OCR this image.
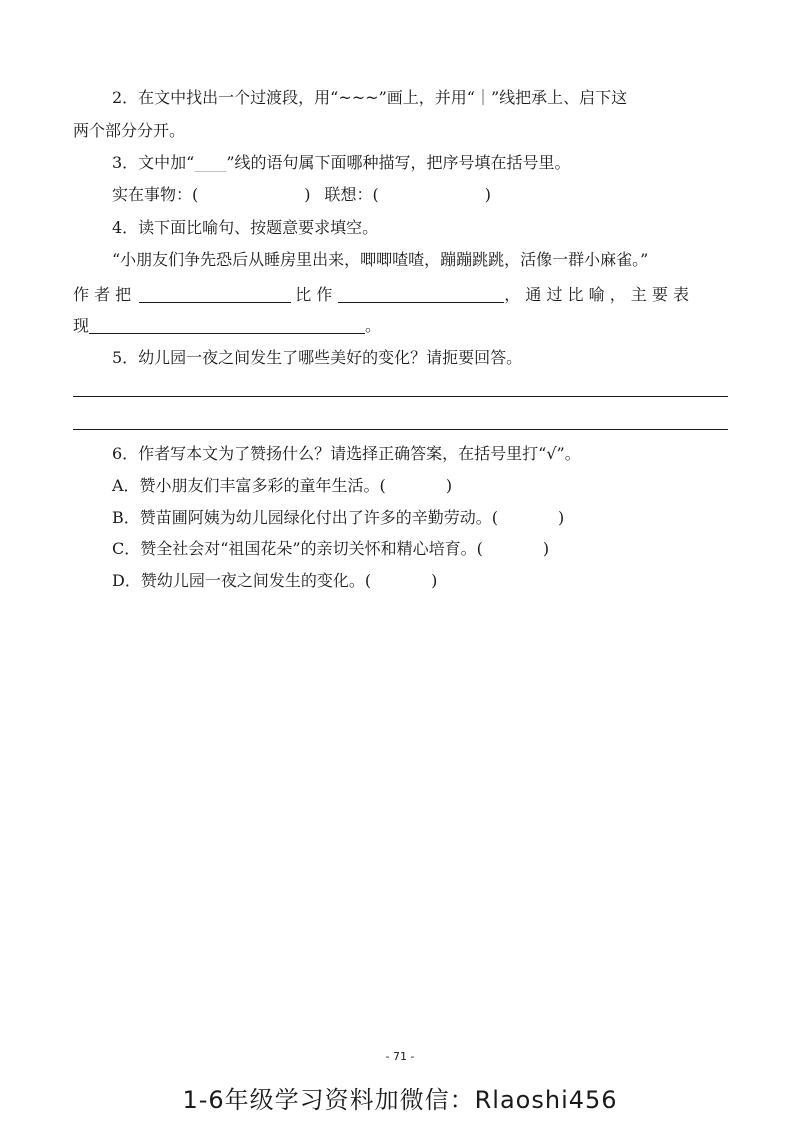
2．在文中找出一个过渡段，用“~~~”画上，并用“｜”线把承上、启下这
两个部分分开。
3．文中加“____”线的语句属下面哪种描写，把序号填在括号里。
实在事物：(	) 联想：(	)
4．读下面比喻句、按题意要求填空。
“小朋友们争先恐后从睡房里出来，唧唧喳喳，蹦蹦跳跳，活像一群小麻雀。”
作 者 把	比 作	， 通 过 比 喻 ， 主 要 表
现	。
5．幼儿园一夜之间发生了哪些美好的变化？请扼要回答。
6．作者写本文为了赞扬什么？请选择正确答案，在括号里打“√”。
A．赞小朋友们丰富多彩的童年生活。(	)
B．赞苗圃阿姨为幼儿园绿化付出了许多的辛勤劳动。(	)
C．赞全社会对“祖国花朵”的亲切关怀和精心培育。(	)
D．赞幼儿园一夜之间发生的变化。(	)
- 71 -
1-6年级学习资料加微信：Rlaoshi456
